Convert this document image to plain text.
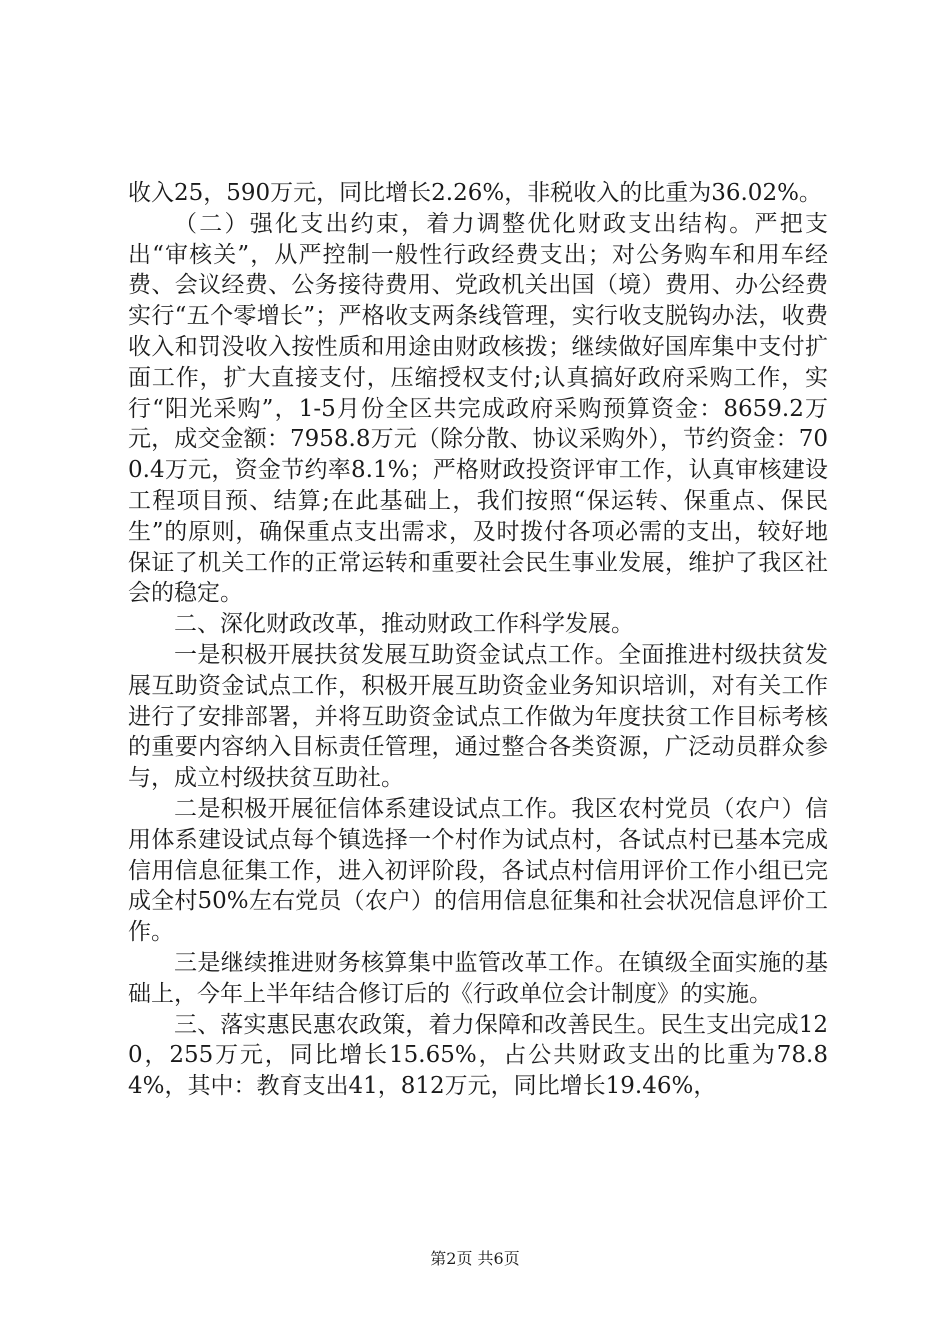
收入25，590万元，同比增长2.26%，非税收入的比重为36.02%。

（二）强化支出约束，着力调整优化财政支出结构。严把支出“审核关”，从严控制一般性行政经费支出；对公务购车和用车经费、会议经费、公务接待费用、党政机关出国（境）费用、办公经费实行“五个零增长”；严格收支两条线管理，实行收支脱钩办法，收费收入和罚没收入按性质和用途由财政核拨；继续做好国库集中支付扩面工作，扩大直接支付，压缩授权支付;认真搞好政府采购工作，实行“阳光采购”，1-5月份全区共完成政府采购预算资金：8659.2万元，成交金额：7958.8万元（除分散、协议采购外），节约资金：700.4万元，资金节约率8.1%；严格财政投资评审工作，认真审核建设工程项目预、结算;在此基础上，我们按照“保运转、保重点、保民生”的原则，确保重点支出需求，及时拨付各项必需的支出，较好地保证了机关工作的正常运转和重要社会民生事业发展，维护了我区社会的稳定。

二、深化财政改革，推动财政工作科学发展。

一是积极开展扶贫发展互助资金试点工作。全面推进村级扶贫发展互助资金试点工作，积极开展互助资金业务知识培训，对有关工作进行了安排部署，并将互助资金试点工作做为年度扶贫工作目标考核的重要内容纳入目标责任管理，通过整合各类资源，广泛动员群众参与，成立村级扶贫互助社。

二是积极开展征信体系建设试点工作。我区农村党员（农户）信用体系建设试点每个镇选择一个村作为试点村，各试点村已基本完成信用信息征集工作，进入初评阶段，各试点村信用评价工作小组已完成全村50%左右党员（农户）的信用信息征集和社会状况信息评价工作。

三是继续推进财务核算集中监管改革工作。在镇级全面实施的基础上，今年上半年结合修订后的《行政单位会计制度》的实施。

三、落实惠民惠农政策，着力保障和改善民生。民生支出完成120，255万元，同比增长15.65%，占公共财政支出的比重为78.84%，其中：教育支出41，812万元，同比增长19.46%，

第2页 共6页
